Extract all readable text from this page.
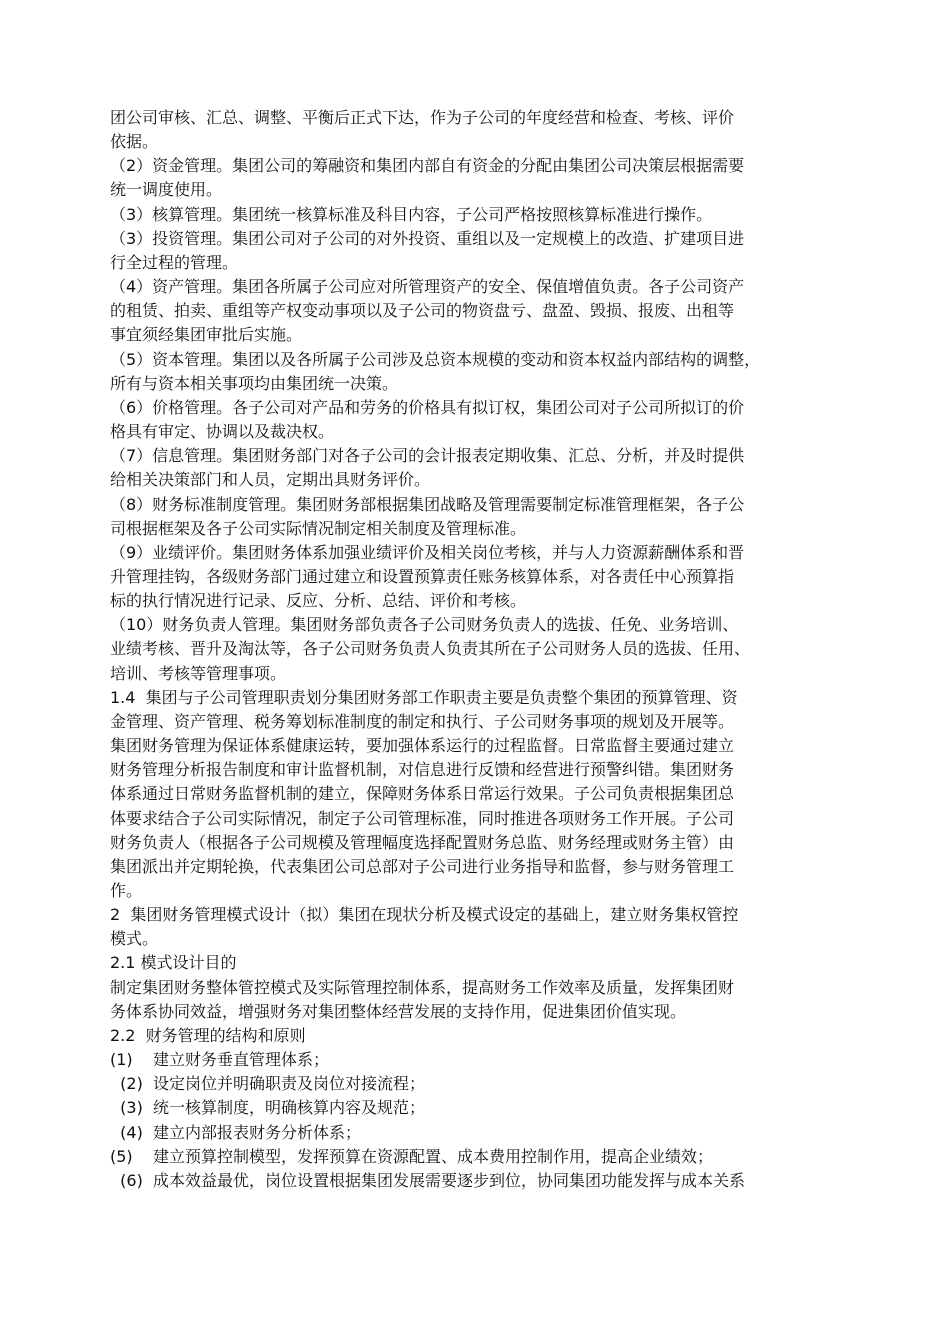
团公司审核、汇总、调整、平衡后正式下达，作为子公司的年度经营和检查、考核、评价
依据。
（2）资金管理。集团公司的筹融资和集团内部自有资金的分配由集团公司决策层根据需要
统一调度使用。
（3）核算管理。集团统一核算标准及科目内容，子公司严格按照核算标准进行操作。
（3）投资管理。集团公司对子公司的对外投资、重组以及一定规模上的改造、扩建项目进
行全过程的管理。
（4）资产管理。集团各所属子公司应对所管理资产的安全、保值增值负责。各子公司资产
的租赁、拍卖、重组等产权变动事项以及子公司的物资盘亏、盘盈、毁损、报废、出租等
事宜须经集团审批后实施。
（5）资本管理。集团以及各所属子公司涉及总资本规模的变动和资本权益内部结构的调整，
所有与资本相关事项均由集团统一决策。
（6）价格管理。各子公司对产品和劳务的价格具有拟订权，集团公司对子公司所拟订的价
格具有审定、协调以及裁决权。
（7）信息管理。集团财务部门对各子公司的会计报表定期收集、汇总、分析，并及时提供
给相关决策部门和人员，定期出具财务评价。
（8）财务标准制度管理。集团财务部根据集团战略及管理需要制定标准管理框架，各子公
司根据框架及各子公司实际情况制定相关制度及管理标准。
（9）业绩评价。集团财务体系加强业绩评价及相关岗位考核，并与人力资源薪酬体系和晋
升管理挂钩，各级财务部门通过建立和设置预算责任账务核算体系，对各责任中心预算指
标的执行情况进行记录、反应、分析、总结、评价和考核。
（10）财务负责人管理。集团财务部负责各子公司财务负责人的选拔、任免、业务培训、
业绩考核、晋升及淘汰等，各子公司财务负责人负责其所在子公司财务人员的选拔、任用、
培训、考核等管理事项。
1.4  集团与子公司管理职责划分集团财务部工作职责主要是负责整个集团的预算管理、资
金管理、资产管理、税务筹划标准制度的制定和执行、子公司财务事项的规划及开展等。
集团财务管理为保证体系健康运转，要加强体系运行的过程监督。日常监督主要通过建立
财务管理分析报告制度和审计监督机制，对信息进行反馈和经营进行预警纠错。集团财务
体系通过日常财务监督机制的建立，保障财务体系日常运行效果。子公司负责根据集团总
体要求结合子公司实际情况，制定子公司管理标准，同时推进各项财务工作开展。子公司
财务负责人（根据各子公司规模及管理幅度选择配置财务总监、财务经理或财务主管）由
集团派出并定期轮换，代表集团公司总部对子公司进行业务指导和监督，参与财务管理工
作。
2  集团财务管理模式设计（拟）集团在现状分析及模式设定的基础上，建立财务集权管控
模式。
2.1 模式设计目的
制定集团财务整体管控模式及实际管理控制体系，提高财务工作效率及质量，发挥集团财
务体系协同效益，增强财务对集团整体经营发展的支持作用，促进集团价值实现。
2.2  财务管理的结构和原则
(1)    建立财务垂直管理体系；
(2)  设定岗位并明确职责及岗位对接流程；
(3)  统一核算制度，明确核算内容及规范；
(4)  建立内部报表财务分析体系；
(5)    建立预算控制模型，发挥预算在资源配置、成本费用控制作用，提高企业绩效；
(6)  成本效益最优，岗位设置根据集团发展需要逐步到位，协同集团功能发挥与成本关系
